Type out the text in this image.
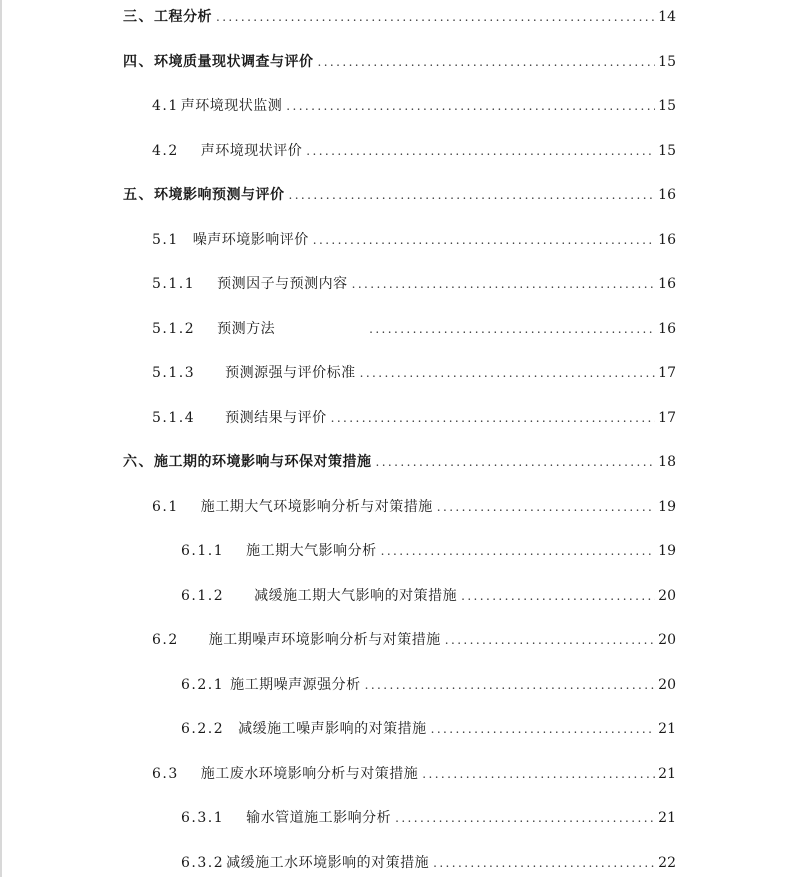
三、 工程分析 .....	14
四、 环境质量现状调查与评价 .....	15
4.1 声环境现状监测 .....	15
4.2 声环境现状评价 .....	15
五、 环境影响预测与评价 .....	16
5.1 噪声环境影响评价 .....	16
5.1.1 预测因子与预测内容 .....	16
5.1.2 预测方法 .....	16
5.1.3 预测源强与评价标准 .....	17
5.1.4 预测结果与评价 .....	17
六、 施工期的环境影响与环保对策措施 .....	18
6.1 施工期大气环境影响分析与对策措施 .....	19
6.1.1 施工期大气影响分析 .....	19
6.1.2 减缓施工期大气影响的对策措施 .....	20
6.2 施工期噪声环境影响分析与对策措施 .....	20
6.2.1 施工期噪声源强分析 .....	20
6.2.2 减缓施工噪声影响的对策措施 .....	21
6.3 施工废水环境影响分析与对策措施 .....	21
6.3.1 输水管道施工影响分析 .....	21
6.3.2 减缓施工水环境影响的对策措施 .....	22
